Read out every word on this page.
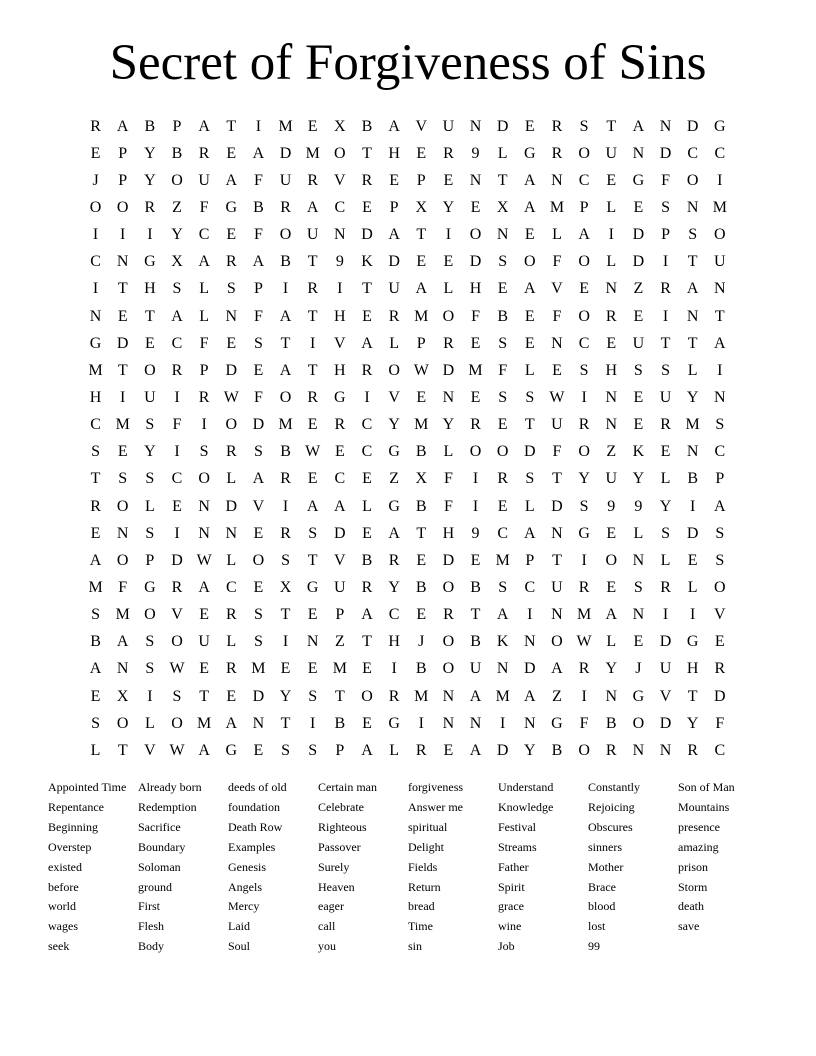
Secret of Forgiveness of Sins
R	A	B	P	A	T	I	M E	X	B	A V U N D	E	R	S	T	A N D G
E	P	Y	B	R	E	A D M O	T	H	E	R	9	L	G	R	O U N D	C	C
J	P	Y O U A	F	U	R	V	R	E	P	E	N	T	A N	C	E	G	F	O	I
O O	R	Z	F	G	B	R	A	C	E	P	X Y	E	X A M P	L	E	S	N M
I	I	I	Y	C	E	F	O U N D A	T	I	O N	E	L	A	I	D	P	S	O
C	N G X A	R	A	B	T	9	K D	E	E	D	S	O	F	O	L	D	I	T	U
I	T	H	S	L	S	P	I	R	I	T	U A	L	H	E	A V	E	N	Z	R	A N
N	E	T	A	L	N	F	A	T	H	E	R M O	F	B	E	F	O	R	E	I	N	T
G D	E	C	F	E	S	T	I	V A	L	P	R	E	S	E	N	C	E	U	T	T	A
M T	O	R	P	D	E	A	T	H	R	O W D M F	L	E	S	H	S	S	L	I
H	I	U	I	R W F	O	R	G	I	V	E	N	E	S	S W	I	N	E	U Y N
C M S	F	I	O D M E	R	C	Y M Y	R	E	T	U	R	N	E	R M S
S	E	Y	I	S	R	S	B W E	C	G	B	L	O O D	F	O	Z	K	E	N	C
T	S	S	C	O	L	A	R	E	C	E	Z	X	F	I	R	S	T	Y U Y	L	B	P
R	O	L	E	N D V	I	A A	L	G	B	F	I	E	L	D	S	9	9	Y	I	A
E	N	S	I	N N	E	R	S	D	E	A	T	H	9	C	A N G	E	L	S	D	S
A O	P	D W L	O	S	T	V	B	R	E	D	E M P	T	I	O N	L	E	S
M F	G	R	A	C	E	X G U	R	Y	B	O	B	S	C	U	R	E	S	R	L	O
S M O V	E	R	S	T	E	P	A	C	E	R	T	A	I	N M A N	I	I	V
B	A	S	O U	L	S	I	N	Z	T	H	J	O	B	K N O W L	E	D G	E
A N	S W E	R M E	E M E	I	B	O U N D A	R	Y	J	U H	R
E	X	I	S	T	E	D Y	S	T	O	R M N A M A	Z	I	N G V	T	D
S	O	L	O M A N	T	I	B	E	G	I	N N	I	N G	F	B	O D Y	F
L	T	V W A G	E	S	S	P	A	L	R	E	A D Y	B	O	R	N N	R	C
Appointed Time
Repentance
Beginning
Overstep
existed
before
world
wages
seek
Already born
Redemption
Sacrifice
Boundary
Soloman
ground
First
Flesh
Body
deeds of old
foundation
Death Row
Examples
Genesis
Angels
Mercy
Laid
Soul
Certain man
Celebrate
Righteous
Passover
Surely
Heaven
eager
call
you
forgiveness
Answer me
spiritual
Delight
Fields
Return
bread
Time
sin
Understand
Knowledge
Festival
Streams
Father
Spirit
grace
wine
Job
Constantly
Rejoicing
Obscures
sinners
Mother
Brace
blood
lost
99
Son of Man
Mountains
presence
amazing
prison
Storm
death
save
